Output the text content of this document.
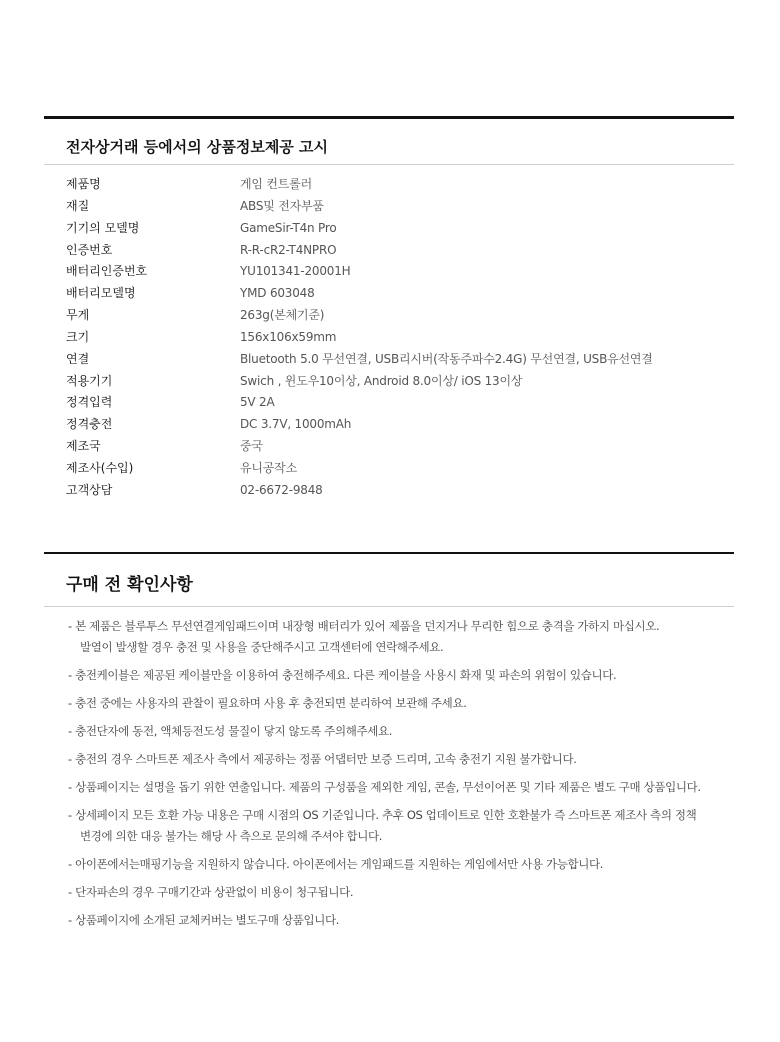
전자상거래 등에서의 상품정보제공 고시
제품명	게임 컨트롤러
재질	ABS및 전자부품
기기의 모델명	GameSir-T4n Pro
인증번호	R-R-cR2-T4NPRO
배터리인증번호	YU101341-20001H
배터리모델명	YMD 603048
무게	263g(본체기준)
크기	156x106x59mm
연결	Bluetooth 5.0 무선연결, USB리시버(작동주파수2.4G) 무선연결, USB유선연결
적용기기	Swich , 윈도우10이상, Android 8.0이상/ iOS 13이상
정격입력	5V 2A
정격충전	DC 3.7V, 1000mAh
제조국	중국
제조사(수입)	유니공작소
고객상담	02-6672-9848
구매 전 확인사항
- 본 제품은 블루투스 무선연결게임패드이며 내장형 배터리가 있어 제품을 던지거나 무리한 힘으로 충격을 가하지 마십시오.
발열이 발생할 경우 충전 및 사용을 중단해주시고 고객센터에 연락해주세요.
- 충전케이블은 제공된 케이블만을 이용하여 충전해주세요. 다른 케이블을 사용시 화재 및 파손의 위험이 있습니다.
- 충전 중에는 사용자의 관찰이 필요하며 사용 후 충전되면 분리하여 보관해 주세요.
- 충전단자에 동전, 액체등전도성 물질이 닿지 않도록 주의해주세요.
- 충전의 경우 스마트폰 제조사 측에서 제공하는 정품 어댑터만 보증 드리며, 고속 충전기 지원 불가합니다.
- 상품페이지는 설명을 돕기 위한 연출입니다. 제품의 구성품을 제외한 게임, 콘솔, 무선이어폰 및 기타 제품은 별도 구매 상품입니다.
- 상세페이지 모든 호환 가능 내용은 구매 시점의 OS 기준입니다. 추후 OS 업데이트로 인한 호환불가 즉 스마트폰 제조사 측의 정책
변경에 의한 대응 불가는 해당 사 측으로 문의해 주셔야 합니다.
- 아이폰에서는매핑기능을 지원하지 않습니다. 아이폰에서는 게임패드를 지원하는 게임에서만 사용 가능합니다.
- 단자파손의 경우 구매기간과 상관없이 비용이 청구됩니다.
- 상품페이지에 소개된 교체커버는 별도구매 상품입니다.
